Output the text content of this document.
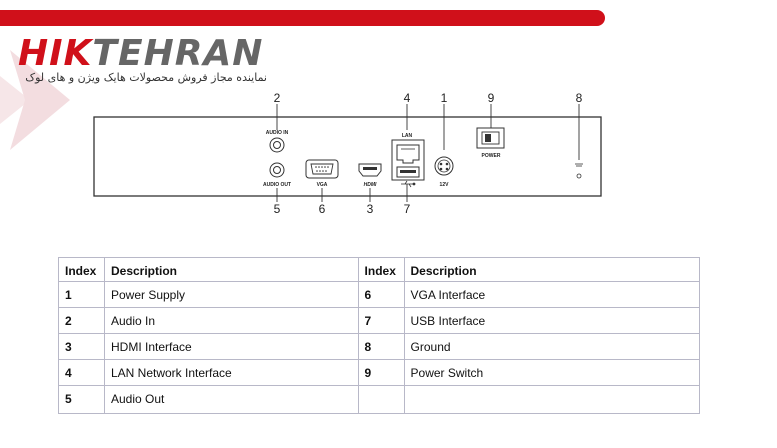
HIKTEHRAN
نماینده مجاز فروش محصولات هایک ویژن و های لوک
2	4	1	9	8
5	6	3	7
AUDIO IN
AUDIO OUT	VGA	HDMI
LAN
12V
POWER
Index	Description	Index	Description
1	Power Supply	6	VGA Interface
2	Audio In	7	USB Interface
3	HDMI Interface	8	Ground
4	LAN Network Interface	9	Power Switch
5	Audio Out		
